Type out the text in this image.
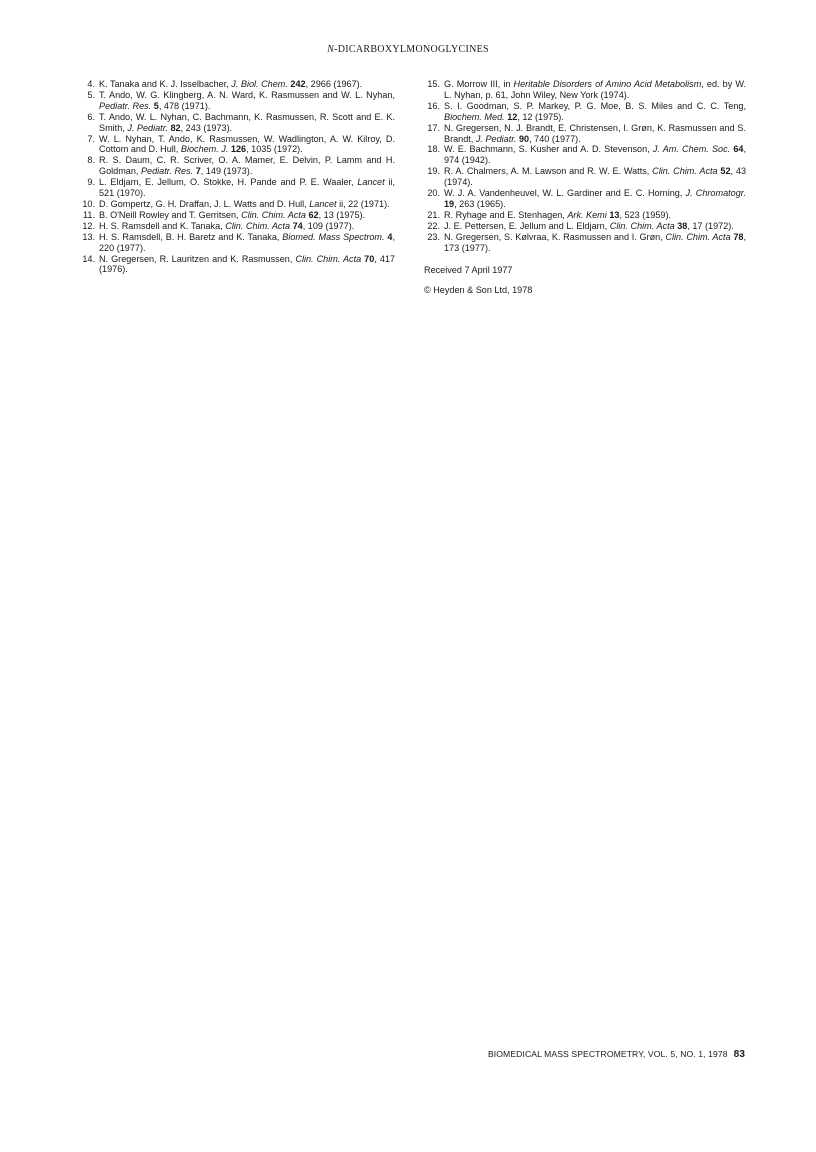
N-DICARBOXYLMONOGLYCINES
4. K. Tanaka and K. J. Isselbacher, J. Biol. Chem. 242, 2966 (1967).
5. T. Ando, W. G. Klingberg, A. N. Ward, K. Rasmussen and W. L. Nyhan, Pediatr. Res. 5, 478 (1971).
6. T. Ando, W. L. Nyhan, C. Bachmann, K. Rasmussen, R. Scott and E. K. Smith, J. Pediatr. 82, 243 (1973).
7. W. L. Nyhan, T. Ando, K. Rasmussen, W. Wadlington, A. W. Kilroy, D. Cottom and D. Hull, Biochem. J. 126, 1035 (1972).
8. R. S. Daum, C. R. Scriver, O. A. Mamer, E. Delvin, P. Lamm and H. Goldman, Pediatr. Res. 7, 149 (1973).
9. L. Eldjarn, E. Jellum, O. Stokke, H. Pande and P. E. Waaler, Lancet ii, 521 (1970).
10. D. Gompertz, G. H. Draffan, J. L. Watts and D. Hull, Lancet ii, 22 (1971).
11. B. O'Neill Rowley and T. Gerritsen, Clin. Chim. Acta 62, 13 (1975).
12. H. S. Ramsdell and K. Tanaka, Clin. Chim. Acta 74, 109 (1977).
13. H. S. Ramsdell, B. H. Baretz and K. Tanaka, Biomed. Mass Spectrom. 4, 220 (1977).
14. N. Gregersen, R. Lauritzen and K. Rasmussen, Clin. Chim. Acta 70, 417 (1976).
15. G. Morrow III, in Heritable Disorders of Amino Acid Metabolism, ed. by W. L. Nyhan, p. 61, John Wiley, New York (1974).
16. S. I. Goodman, S. P. Markey, P. G. Moe, B. S. Miles and C. C. Teng, Biochem. Med. 12, 12 (1975).
17. N. Gregersen, N. J. Brandt, E. Christensen, I. Grøn, K. Rasmussen and S. Brandt, J. Pediatr. 90, 740 (1977).
18. W. E. Bachmann, S. Kusher and A. D. Stevenson, J. Am. Chem. Soc. 64, 974 (1942).
19. R. A. Chalmers, A. M. Lawson and R. W. E. Watts, Clin. Chim. Acta 52, 43 (1974).
20. W. J. A. Vandenheuvel, W. L. Gardiner and E. C. Horning, J. Chromatogr. 19, 263 (1965).
21. R. Ryhage and E. Stenhagen, Ark. Kemi 13, 523 (1959).
22. J. E. Pettersen, E. Jellum and L. Eldjarn, Clin. Chim. Acta 38, 17 (1972).
23. N. Gregersen, S. Kølvraa, K. Rasmussen and I. Grøn, Clin. Chim. Acta 78, 173 (1977).
Received 7 April 1977
© Heyden & Son Ltd, 1978
BIOMEDICAL MASS SPECTROMETRY, VOL. 5, NO. 1, 1978 83
